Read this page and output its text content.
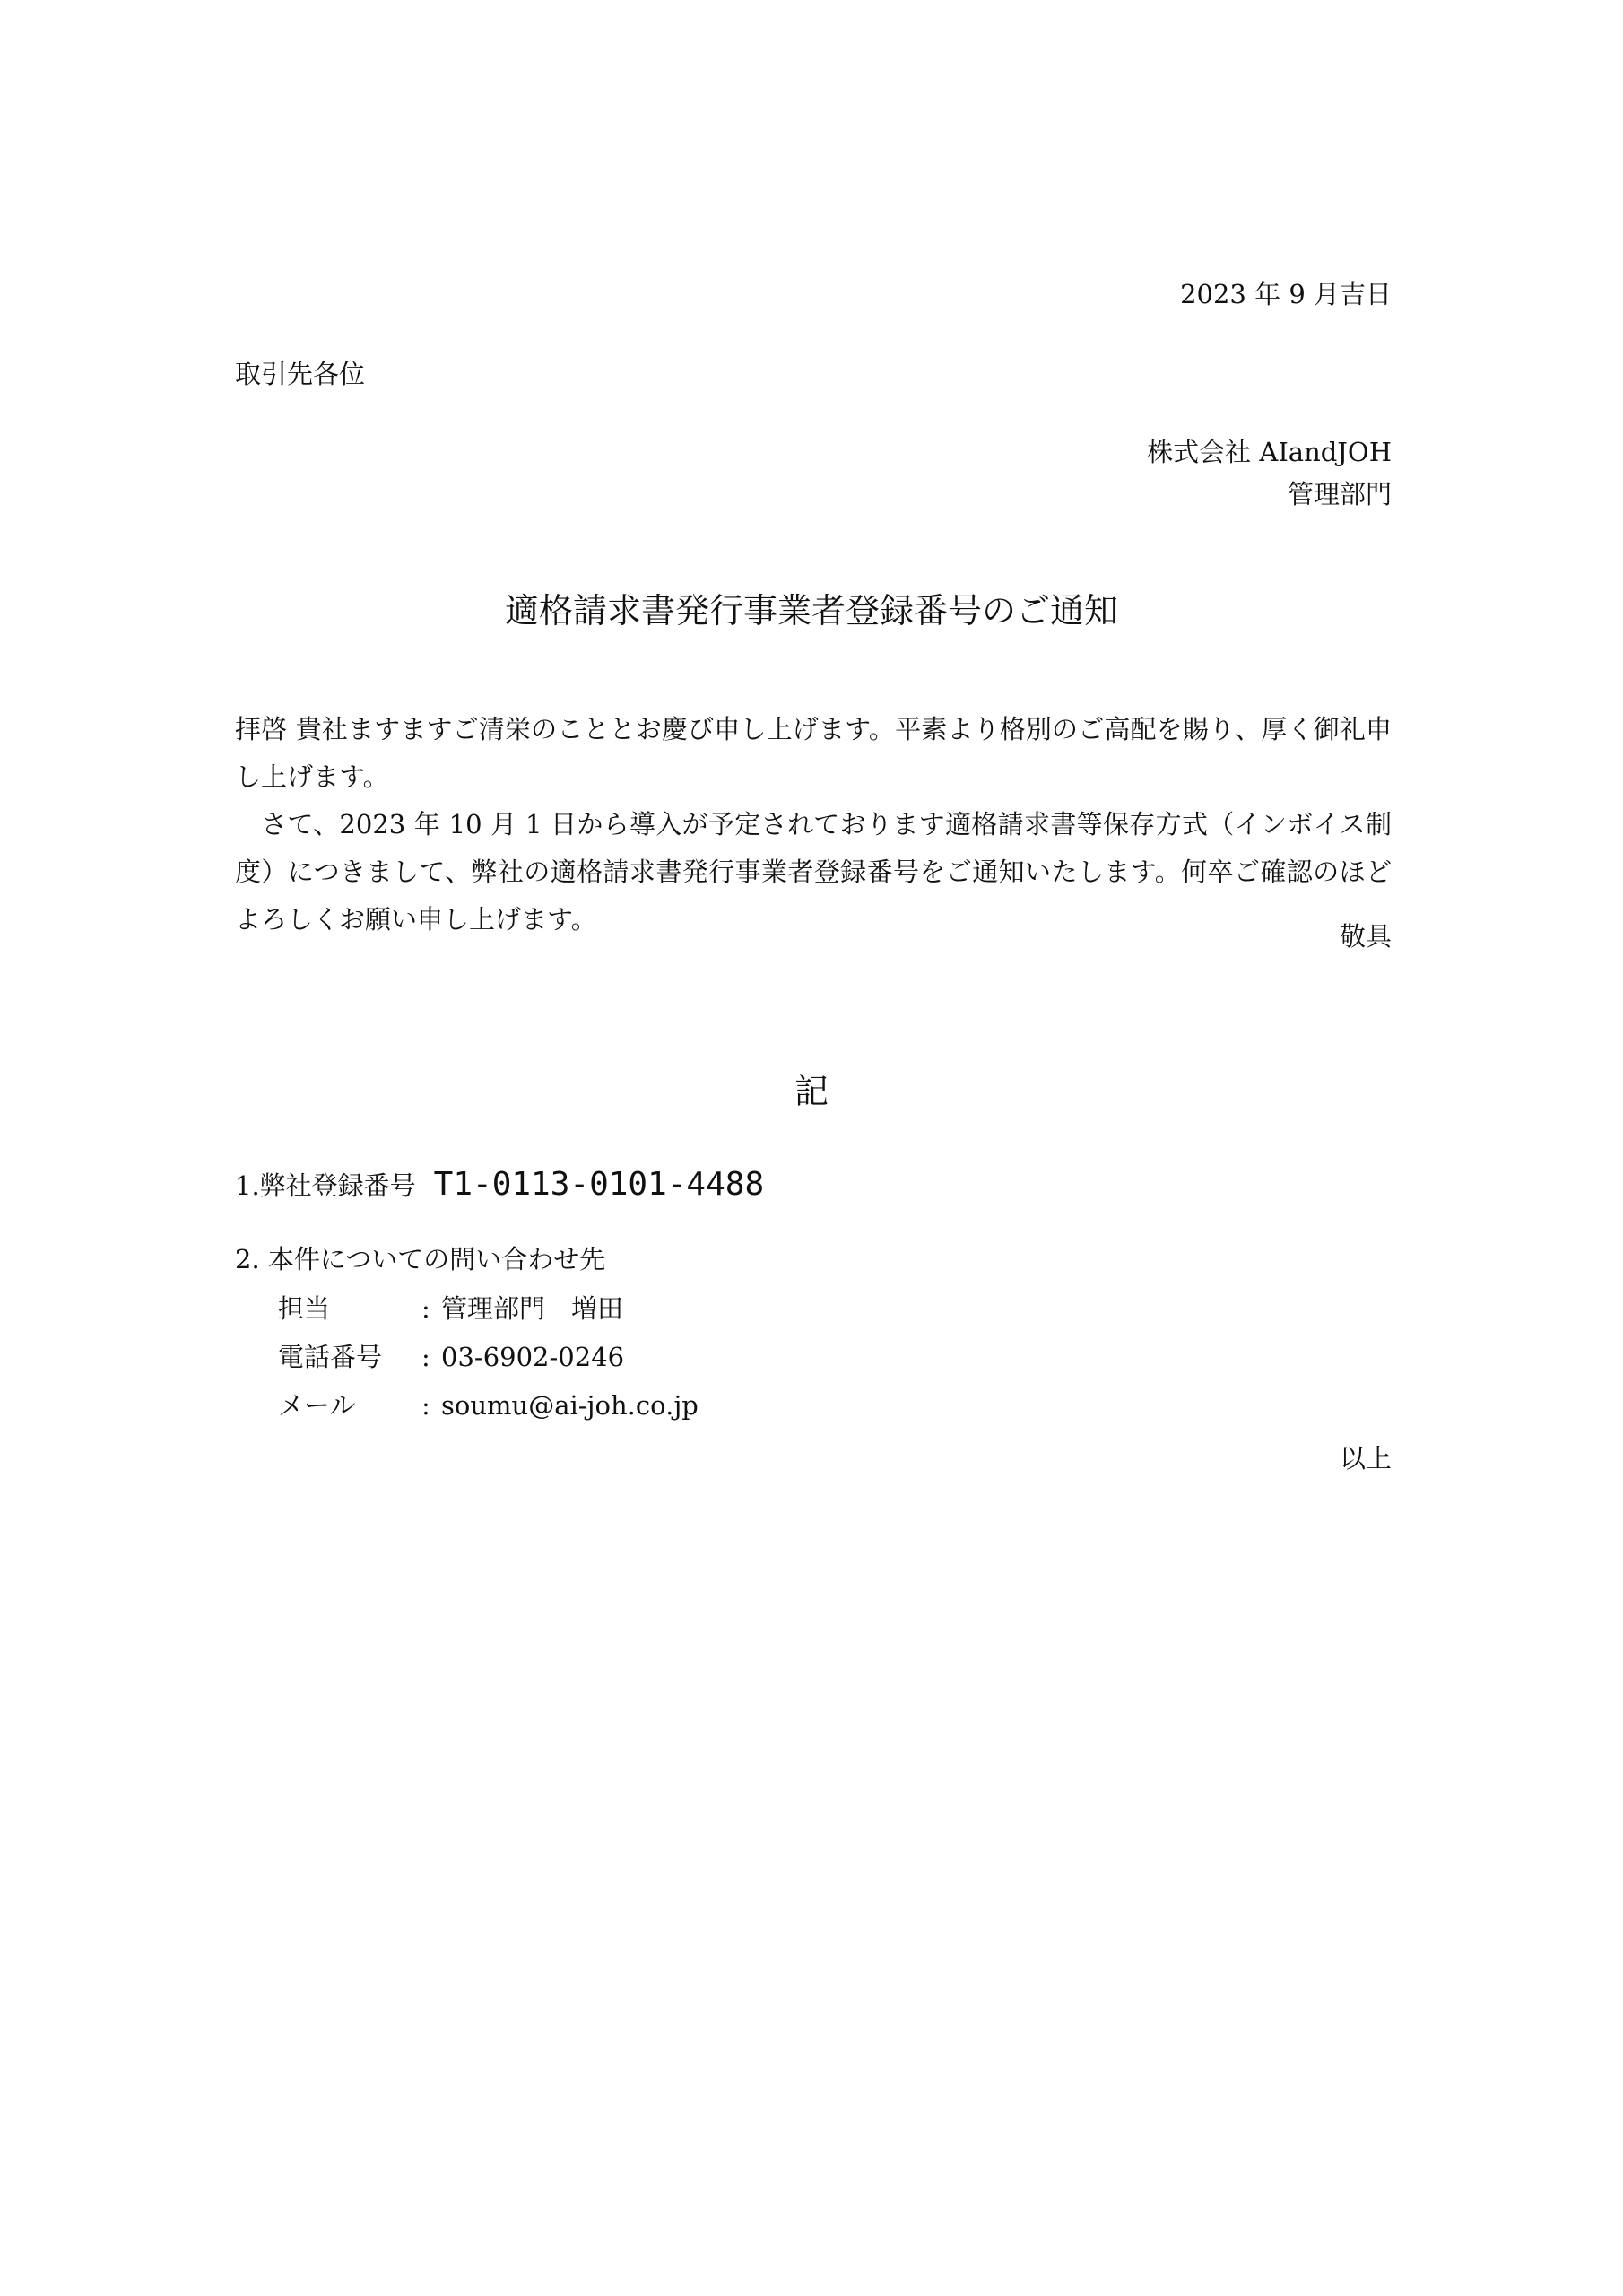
2023 年 9 月吉日
取引先各位
株式会社 AIandJOH
管理部門
適格請求書発行事業者登録番号のご通知

拝啓 貴社ますますご清栄のこととお慶び申し上げます。平素より格別のご高配を賜り、厚く御礼申し上げます。

さて、2023 年 10 月 1 日から導入が予定されております適格請求書等保存方式（インボイス制度）につきまして、弊社の適格請求書発行事業者登録番号をご通知いたします。何卒ご確認のほどよろしくお願い申し上げます。

敬具
記
1.弊社登録番号 T1-0113-0101-4488
2. 本件についての問い合わせ先
担当	: 管理部門　増田
電話番号 : 03-6902-0246
メール	: soumu@ai-joh.co.jp
以上
